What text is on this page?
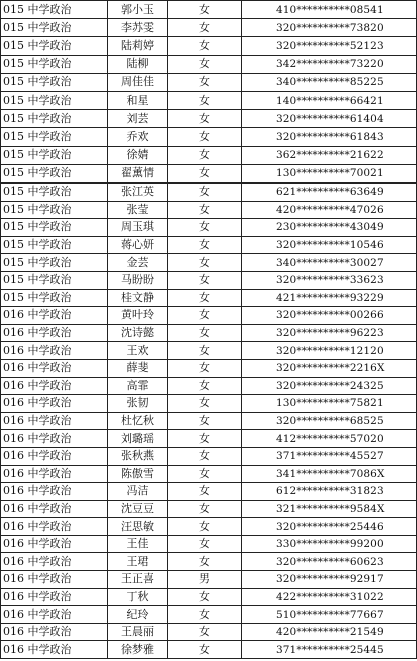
015 中学政治	郭小玉	女	410**********08541
015 中学政治	李苏雯	女	320**********73820
015 中学政治	陆莉婷	女	320**********52123
015 中学政治	陆柳	女	342**********73220
015 中学政治	周佳佳	女	340**********85225
015 中学政治	和星	女	140**********66421
015 中学政治	刘芸	女	320**********61404
015 中学政治	乔欢	女	320**********61843
015 中学政治	徐婧	女	362**********21622
015 中学政治	翟薰情	女	130**********70021
015 中学政治	张江英	女	621**********63649
015 中学政治	张莹	女	420**********47026
015 中学政治	周玉琪	女	230**********43049
015 中学政治	蒋心妍	女	320**********10546
015 中学政治	金芸	女	340**********30027
015 中学政治	马盼盼	女	320**********33623
015 中学政治	桂文静	女	421**********93229
016 中学政治	黄叶玲	女	320**********00266
016 中学政治	沈诗懿	女	320**********96223
016 中学政治	王欢	女	320**********12120
016 中学政治	薛斐	女	320**********2216X
016 中学政治	高霏	女	320**********24325
016 中学政治	张韧	女	130**********75821
016 中学政治	杜忆秋	女	320**********68525
016 中学政治	刘璐瑶	女	412**********57020
016 中学政治	张秋燕	女	371**********45527
016 中学政治	陈傲雪	女	341**********7086X
016 中学政治	冯洁	女	612**********31823
016 中学政治	沈豆豆	女	321**********9584X
016 中学政治	汪思敏	女	320**********25446
016 中学政治	王佳	女	330**********99200
016 中学政治	王珺	女	320**********60623
016 中学政治	王正喜	男	320**********92917
016 中学政治	丁秋	女	422**********31022
016 中学政治	纪玲	女	510**********77667
016 中学政治	王晨丽	女	420**********21549
016 中学政治	徐梦雅	女	371**********25445
